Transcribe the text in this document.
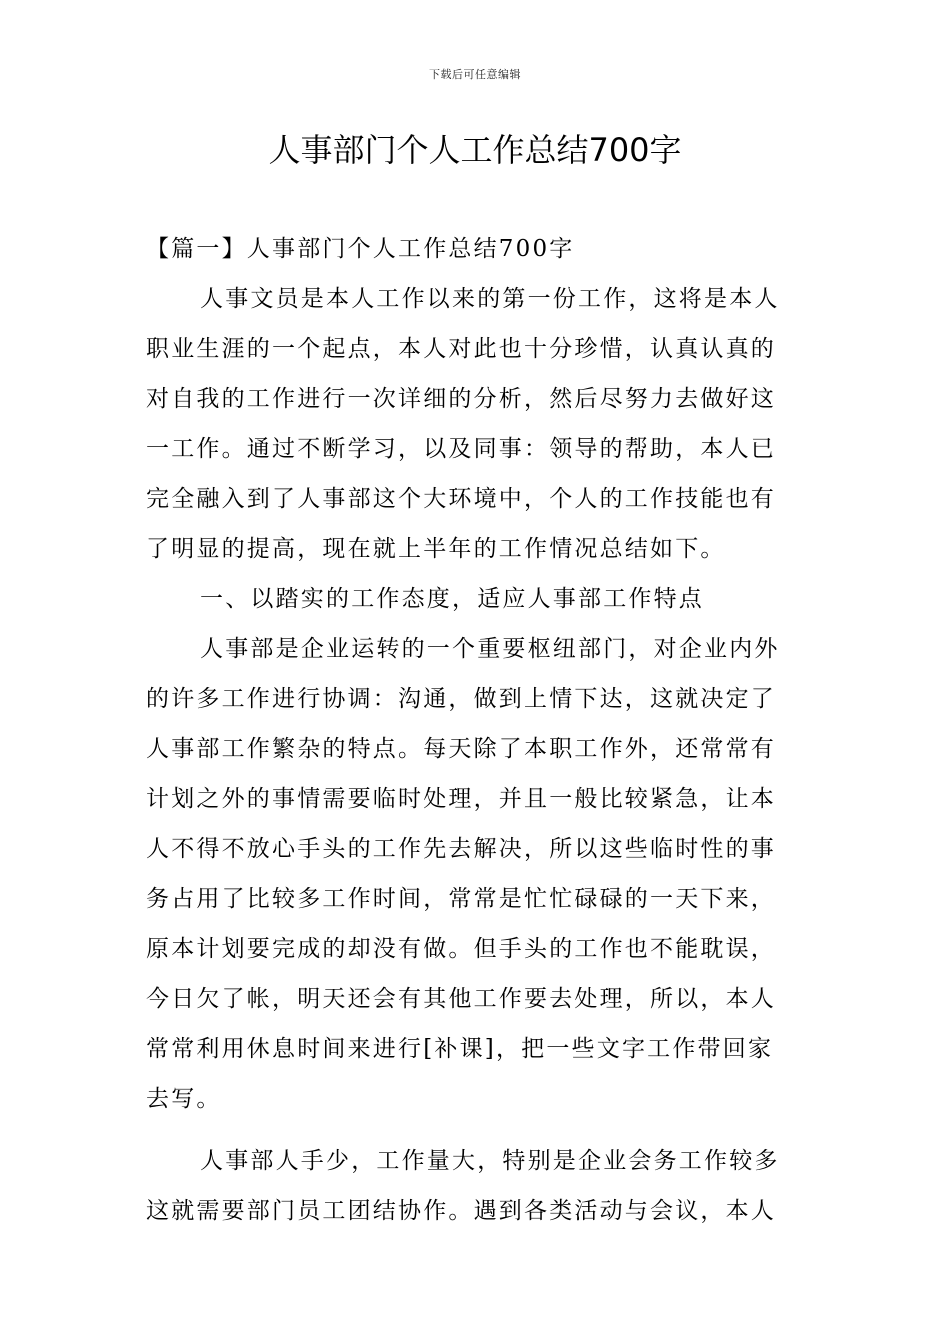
下载后可任意编辑
人事部门个人工作总结700字
【篇一】人事部门个人工作总结700字
人事文员是本人工作以来的第一份工作，这将是本人
职业生涯的一个起点，本人对此也十分珍惜，认真认真的
对自我的工作进行一次详细的分析，然后尽努力去做好这
一工作。通过不断学习，以及同事：领导的帮助，本人已
完全融入到了人事部这个大环境中，个人的工作技能也有
了明显的提高，现在就上半年的工作情况总结如下。
一、以踏实的工作态度，适应人事部工作特点
人事部是企业运转的一个重要枢纽部门，对企业内外
的许多工作进行协调：沟通，做到上情下达，这就决定了
人事部工作繁杂的特点。每天除了本职工作外，还常常有
计划之外的事情需要临时处理，并且一般比较紧急，让本
人不得不放心手头的工作先去解决，所以这些临时性的事
务占用了比较多工作时间，常常是忙忙碌碌的一天下来，
原本计划要完成的却没有做。但手头的工作也不能耽误，
今日欠了帐，明天还会有其他工作要去处理，所以，本人
常常利用休息时间来进行[补课]，把一些文字工作带回家
去写。
人事部人手少，工作量大，特别是企业会务工作较多
这就需要部门员工团结协作。遇到各类活动与会议，本人
